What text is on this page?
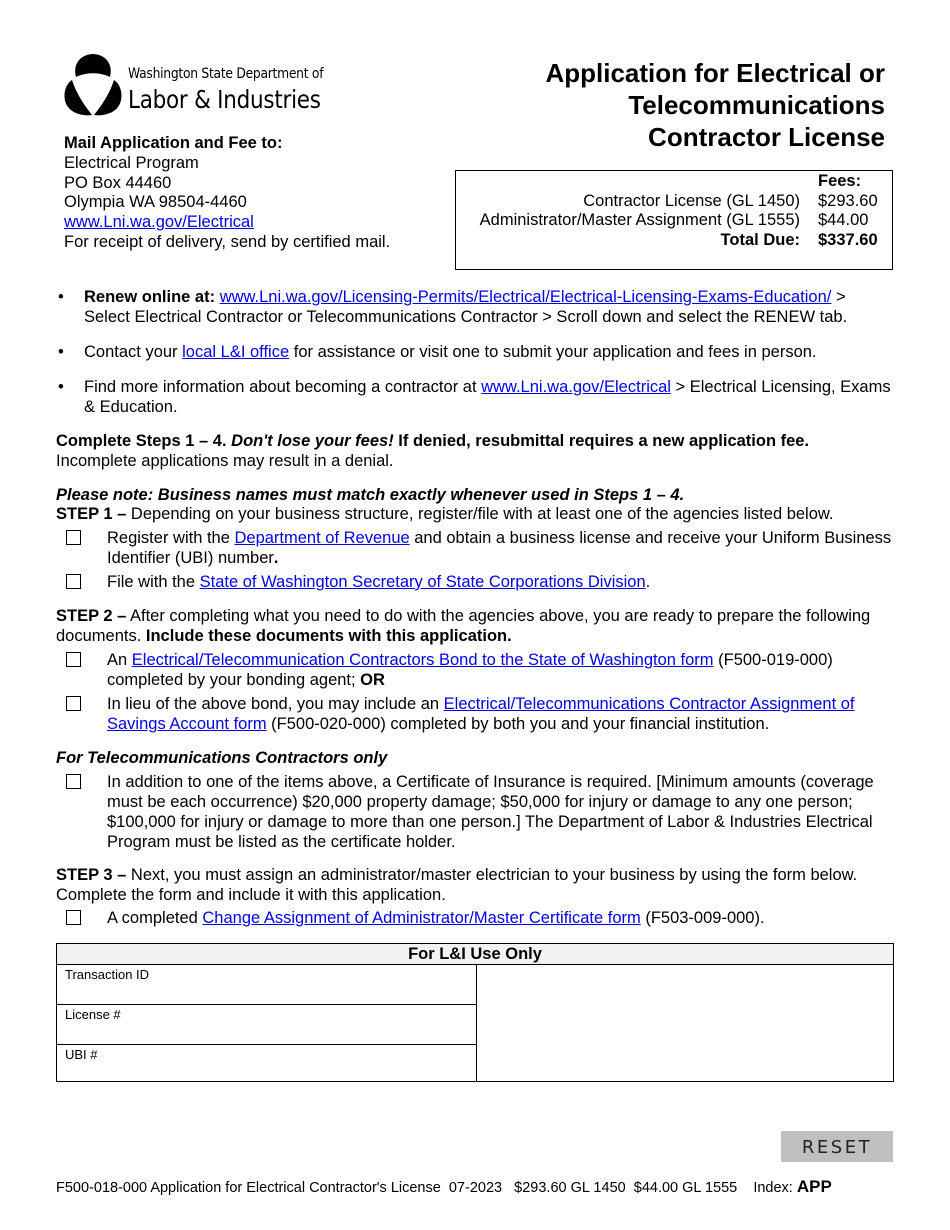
Washington State Department of
Labor & Industries
Application for Electrical or
Telecommunications
Contractor License
Mail Application and Fee to:
Electrical Program
PO Box 44460
Olympia WA 98504-4460
www.Lni.wa.gov/Electrical
For receipt of delivery, send by certified mail.
Fees:
Contractor License (GL 1450) $293.60
Administrator/Master Assignment (GL 1555) $44.00
Total Due: $337.60
• Renew online at: www.Lni.wa.gov/Licensing-Permits/Electrical/Electrical-Licensing-Exams-Education/ > Select Electrical Contractor or Telecommunications Contractor > Scroll down and select the RENEW tab.
• Contact your local L&I office for assistance or visit one to submit your application and fees in person.
• Find more information about becoming a contractor at www.Lni.wa.gov/Electrical > Electrical Licensing, Exams & Education.
Complete Steps 1 – 4. Don't lose your fees! If denied, resubmittal requires a new application fee.
Incomplete applications may result in a denial.
Please note: Business names must match exactly whenever used in Steps 1 – 4.
STEP 1 – Depending on your business structure, register/file with at least one of the agencies listed below.
Register with the Department of Revenue and obtain a business license and receive your Uniform Business Identifier (UBI) number.
File with the State of Washington Secretary of State Corporations Division.
STEP 2 – After completing what you need to do with the agencies above, you are ready to prepare the following documents. Include these documents with this application.
An Electrical/Telecommunication Contractors Bond to the State of Washington form (F500-019-000) completed by your bonding agent; OR
In lieu of the above bond, you may include an Electrical/Telecommunications Contractor Assignment of Savings Account form (F500-020-000) completed by both you and your financial institution.
For Telecommunications Contractors only
In addition to one of the items above, a Certificate of Insurance is required. [Minimum amounts (coverage must be each occurrence) $20,000 property damage; $50,000 for injury or damage to any one person; $100,000 for injury or damage to more than one person.] The Department of Labor & Industries Electrical Program must be listed as the certificate holder.
STEP 3 – Next, you must assign an administrator/master electrician to your business by using the form below. Complete the form and include it with this application.
A completed Change Assignment of Administrator/Master Certificate form (F503-009-000).
For L&I Use Only
Transaction ID
License #
UBI #
RESET
F500-018-000 Application for Electrical Contractor's License  07-2023   $293.60 GL 1450  $44.00 GL 1555    Index: APP
